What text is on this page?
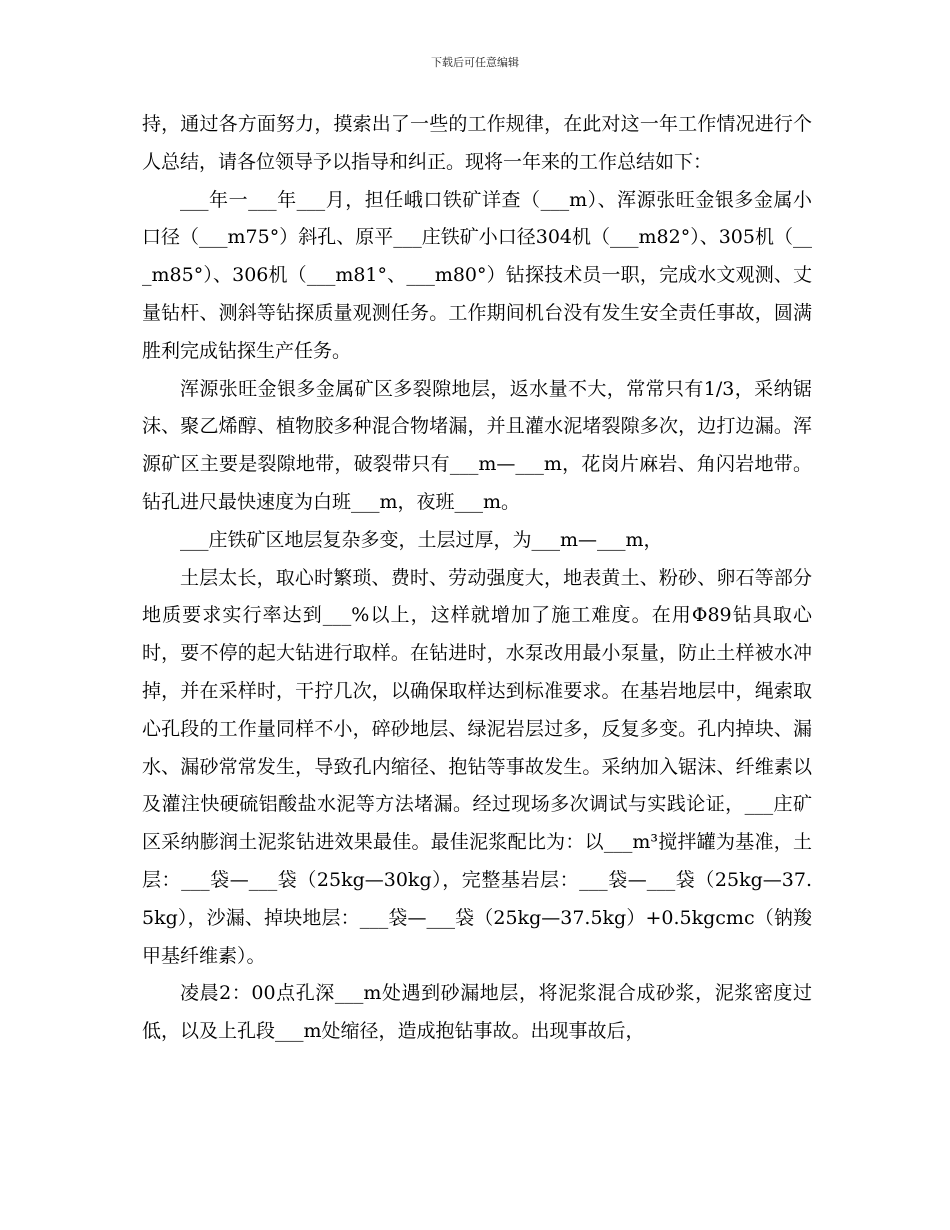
下载后可任意编辑

持，通过各方面努力，摸索出了一些的工作规律，在此对这一年工作情况进行个人总结，请各位领导予以指导和纠正。现将一年来的工作总结如下：

___年一___年___月，担任峨口铁矿详查（___m）、浑源张旺金银多金属小口径（___m75°）斜孔、原平___庄铁矿小口径304机（___m82°）、305机（___m85°）、306机（___m81°、___m80°）钻探技术员一职，完成水文观测、丈量钻杆、测斜等钻探质量观测任务。工作期间机台没有发生安全责任事故，圆满胜利完成钻探生产任务。

浑源张旺金银多金属矿区多裂隙地层，返水量不大，常常只有1/3，采纳锯沫、聚乙烯醇、植物胶多种混合物堵漏，并且灌水泥堵裂隙多次，边打边漏。浑源矿区主要是裂隙地带，破裂带只有___m—___m，花岗片麻岩、角闪岩地带。钻孔进尺最快速度为白班___m，夜班___m。

___庄铁矿区地层复杂多变，土层过厚，为___m—___m，

土层太长，取心时繁琐、费时、劳动强度大，地表黄土、粉砂、卵石等部分地质要求实行率达到___%以上，这样就增加了施工难度。在用Φ89钻具取心时，要不停的起大钻进行取样。在钻进时，水泵改用最小泵量，防止土样被水冲掉，并在采样时，干拧几次，以确保取样达到标准要求。在基岩地层中，绳索取心孔段的工作量同样不小，碎砂地层、绿泥岩层过多，反复多变。孔内掉块、漏水、漏砂常常发生，导致孔内缩径、抱钻等事故发生。采纳加入锯沫、纤维素以及灌注快硬硫铝酸盐水泥等方法堵漏。经过现场多次调试与实践论证，___庄矿区采纳膨润土泥浆钻进效果最佳。最佳泥浆配比为：以___m³搅拌罐为基准，土层：___袋—___袋（25kg—30kg），完整基岩层：___袋—___袋（25kg—37.5kg），沙漏、掉块地层：___袋—___袋（25kg—37.5kg）+0.5kgcmc（钠羧甲基纤维素）。

凌晨2：00点孔深___m处遇到砂漏地层，将泥浆混合成砂浆，泥浆密度过低，以及上孔段___m处缩径，造成抱钻事故。出现事故后，
